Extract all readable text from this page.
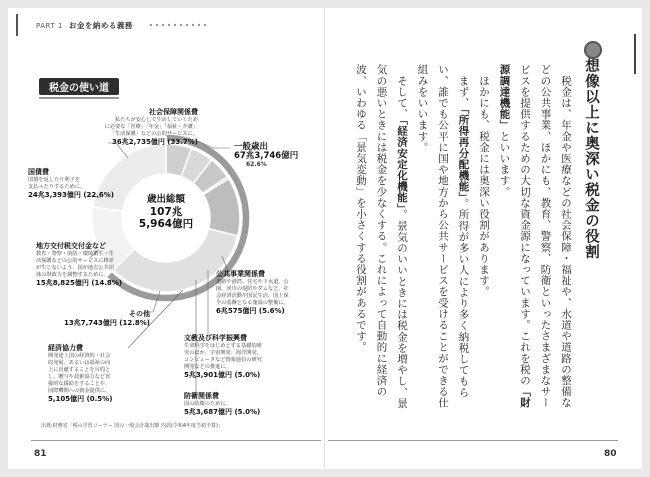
PART 1 お金を納める義務
税金の使い道
歳出総額
107兆
5,964億円
一般歳出
67兆3,746億円
62.6%
社会保障関係費
私たちが安心して生活していくため
に必要な「医療」「年金」「福祉・介護」
「生活保護」などの公的サービスに。
36兆2,735億円 (33.7%)
国債費
国債を返したり利子を
支払ったりするために。
24兆3,393億円 (22.6%)
地方交付税交付金など
教育・警察・消防・環境衛生・生
活保護などの公的サービスに格差
が生じないよう、国が地方公共団
体の財政力を調整するために。
15兆8,825億円 (14.8%)
その他
13兆7,743億円 (12.8%)
経済協力費
開発途上国の経済的・社会
的発展、あるいは福祉の向
上に貢献することを目的と
し、贈与や技術協力など直
接的な援助をすることや、
国際機関への資金提供に。
5,105億円 (0.5%)
公共事業関係費
道路や港湾、住宅や下水道、公
園、河川の堤防やダムなど、社
会経済活動や国民生活、国土保
全の基盤となる施設の整備に。
6兆575億円 (5.6%)
文教及び科学振興費
生命科学をはじめとする基礎的研
究のほか、宇宙開発、海洋開発、
コンピュータなど情報通信の研究
開発などの推進に。
5兆3,901億円 (5.0%)
防衛関係費
国の防衛のために。
5兆3,687億円 (5.0%)
出典:財務省「税の学習コーナー 国の一般会計歳出額 内訳(令和4年度当初予算)」
想像以上に奥深い税金の役割
　税金は、年金や医療などの社会保障・福祉や、水道や道路の整備などの公共事業、ほかにも、教育、警察、防衛といったさまざまなサービスを提供するための大切な資金源になっています。これを税の「財源調達機能」といいます。
　ほかにも、税金には奥深い役割があります。
　まず、「所得再分配機能」。所得が多い人により多く納税してもらい、誰でも公平に国や地方から公共サービスを受けることができる仕組みをいいます。
　そして、「経済安定化機能」。景気のいいときには税金を増やし、景気の悪いときには税金を少なくする。これによって自動的に経済の波、いわゆる「景気変動」を小さくする役割があるです。
81	80
